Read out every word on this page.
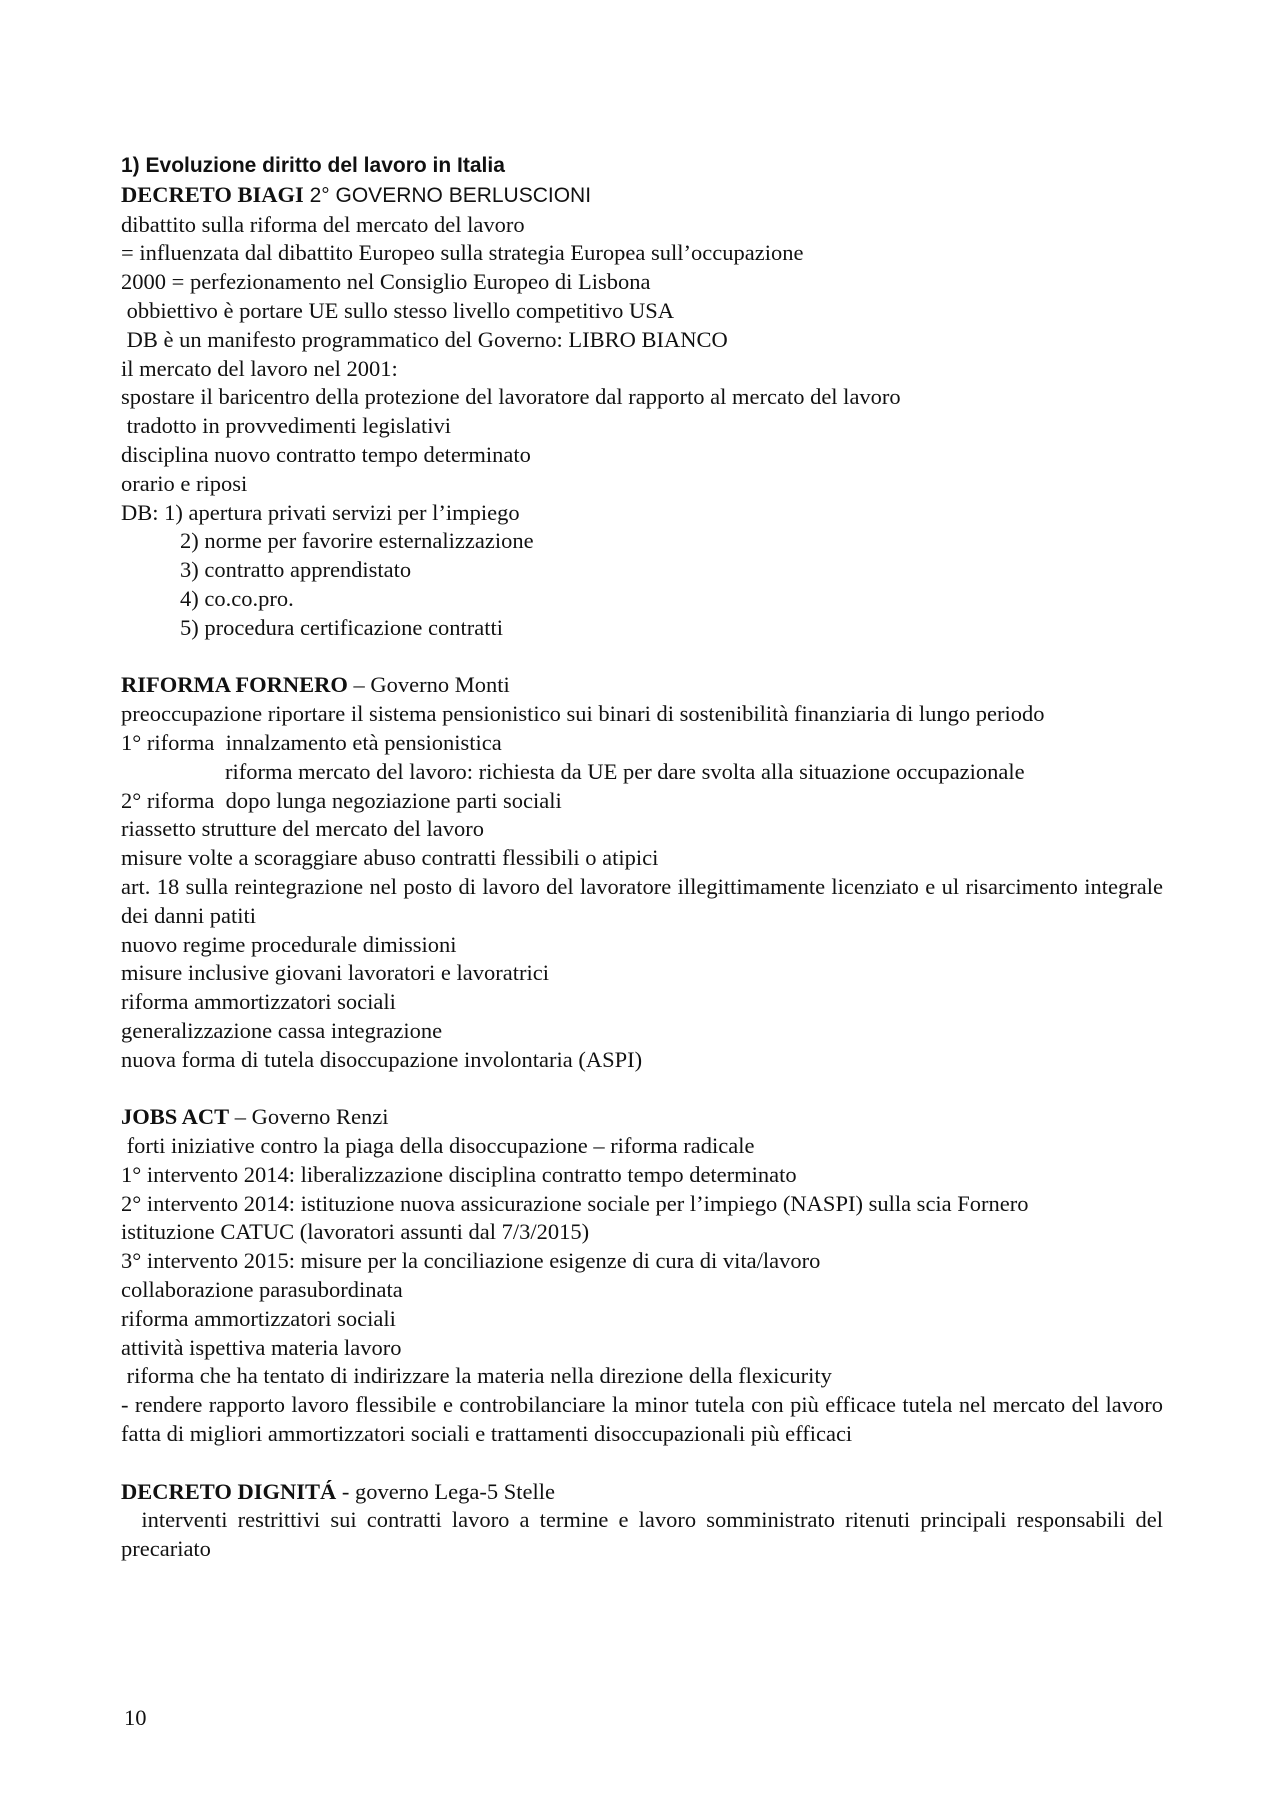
1) Evoluzione diritto del lavoro in Italia
DECRETO BIAGI 2° GOVERNO BERLUSCIONI
dibattito sulla riforma del mercato del lavoro
= influenzata dal dibattito Europeo sulla strategia Europea sull’occupazione
2000 = perfezionamento nel Consiglio Europeo di Lisbona
obbiettivo è portare UE sullo stesso livello competitivo USA
DB è un manifesto programmatico del Governo: LIBRO BIANCO
il mercato del lavoro nel 2001:
spostare il baricentro della protezione del lavoratore dal rapporto al mercato del lavoro
tradotto in provvedimenti legislativi
disciplina nuovo contratto tempo determinato
orario e riposi
DB: 1) apertura privati servizi per l’impiego
2) norme per favorire esternalizzazione
3) contratto apprendistato
4) co.co.pro.
5) procedura certificazione contratti
RIFORMA FORNERO – Governo Monti
preoccupazione riportare il sistema pensionistico sui binari di sostenibilità finanziaria di lungo periodo
1° riforma  innalzamento età pensionistica
riforma mercato del lavoro: richiesta da UE per dare svolta alla situazione occupazionale
2° riforma  dopo lunga negoziazione parti sociali
riassetto strutture del mercato del lavoro
misure volte a scoraggiare abuso contratti flessibili o atipici
art. 18 sulla reintegrazione nel posto di lavoro del lavoratore illegittimamente licenziato e ul risarcimento integrale dei danni patiti
nuovo regime procedurale dimissioni
misure inclusive giovani lavoratori e lavoratrici
riforma ammortizzatori sociali
generalizzazione cassa integrazione
nuova forma di tutela disoccupazione involontaria (ASPI)
JOBS ACT – Governo Renzi
forti iniziative contro la piaga della disoccupazione – riforma radicale
1° intervento 2014: liberalizzazione disciplina contratto tempo determinato
2° intervento 2014: istituzione nuova assicurazione sociale per l’impiego (NASPI) sulla scia Fornero
istituzione CATUC (lavoratori assunti dal 7/3/2015)
3° intervento 2015: misure per la conciliazione esigenze di cura di vita/lavoro
collaborazione parasubordinata
riforma ammortizzatori sociali
attività ispettiva materia lavoro
riforma che ha tentato di indirizzare la materia nella direzione della flexicurity
- rendere rapporto lavoro flessibile e controbilanciare la minor tutela con più efficace tutela nel mercato del lavoro fatta di migliori ammortizzatori sociali e trattamenti disoccupazionali più efficaci
DECRETO DIGNITÁ - governo Lega-5 Stelle
interventi restrittivi sui contratti lavoro a termine e lavoro somministrato ritenuti principali responsabili del precariato
10
